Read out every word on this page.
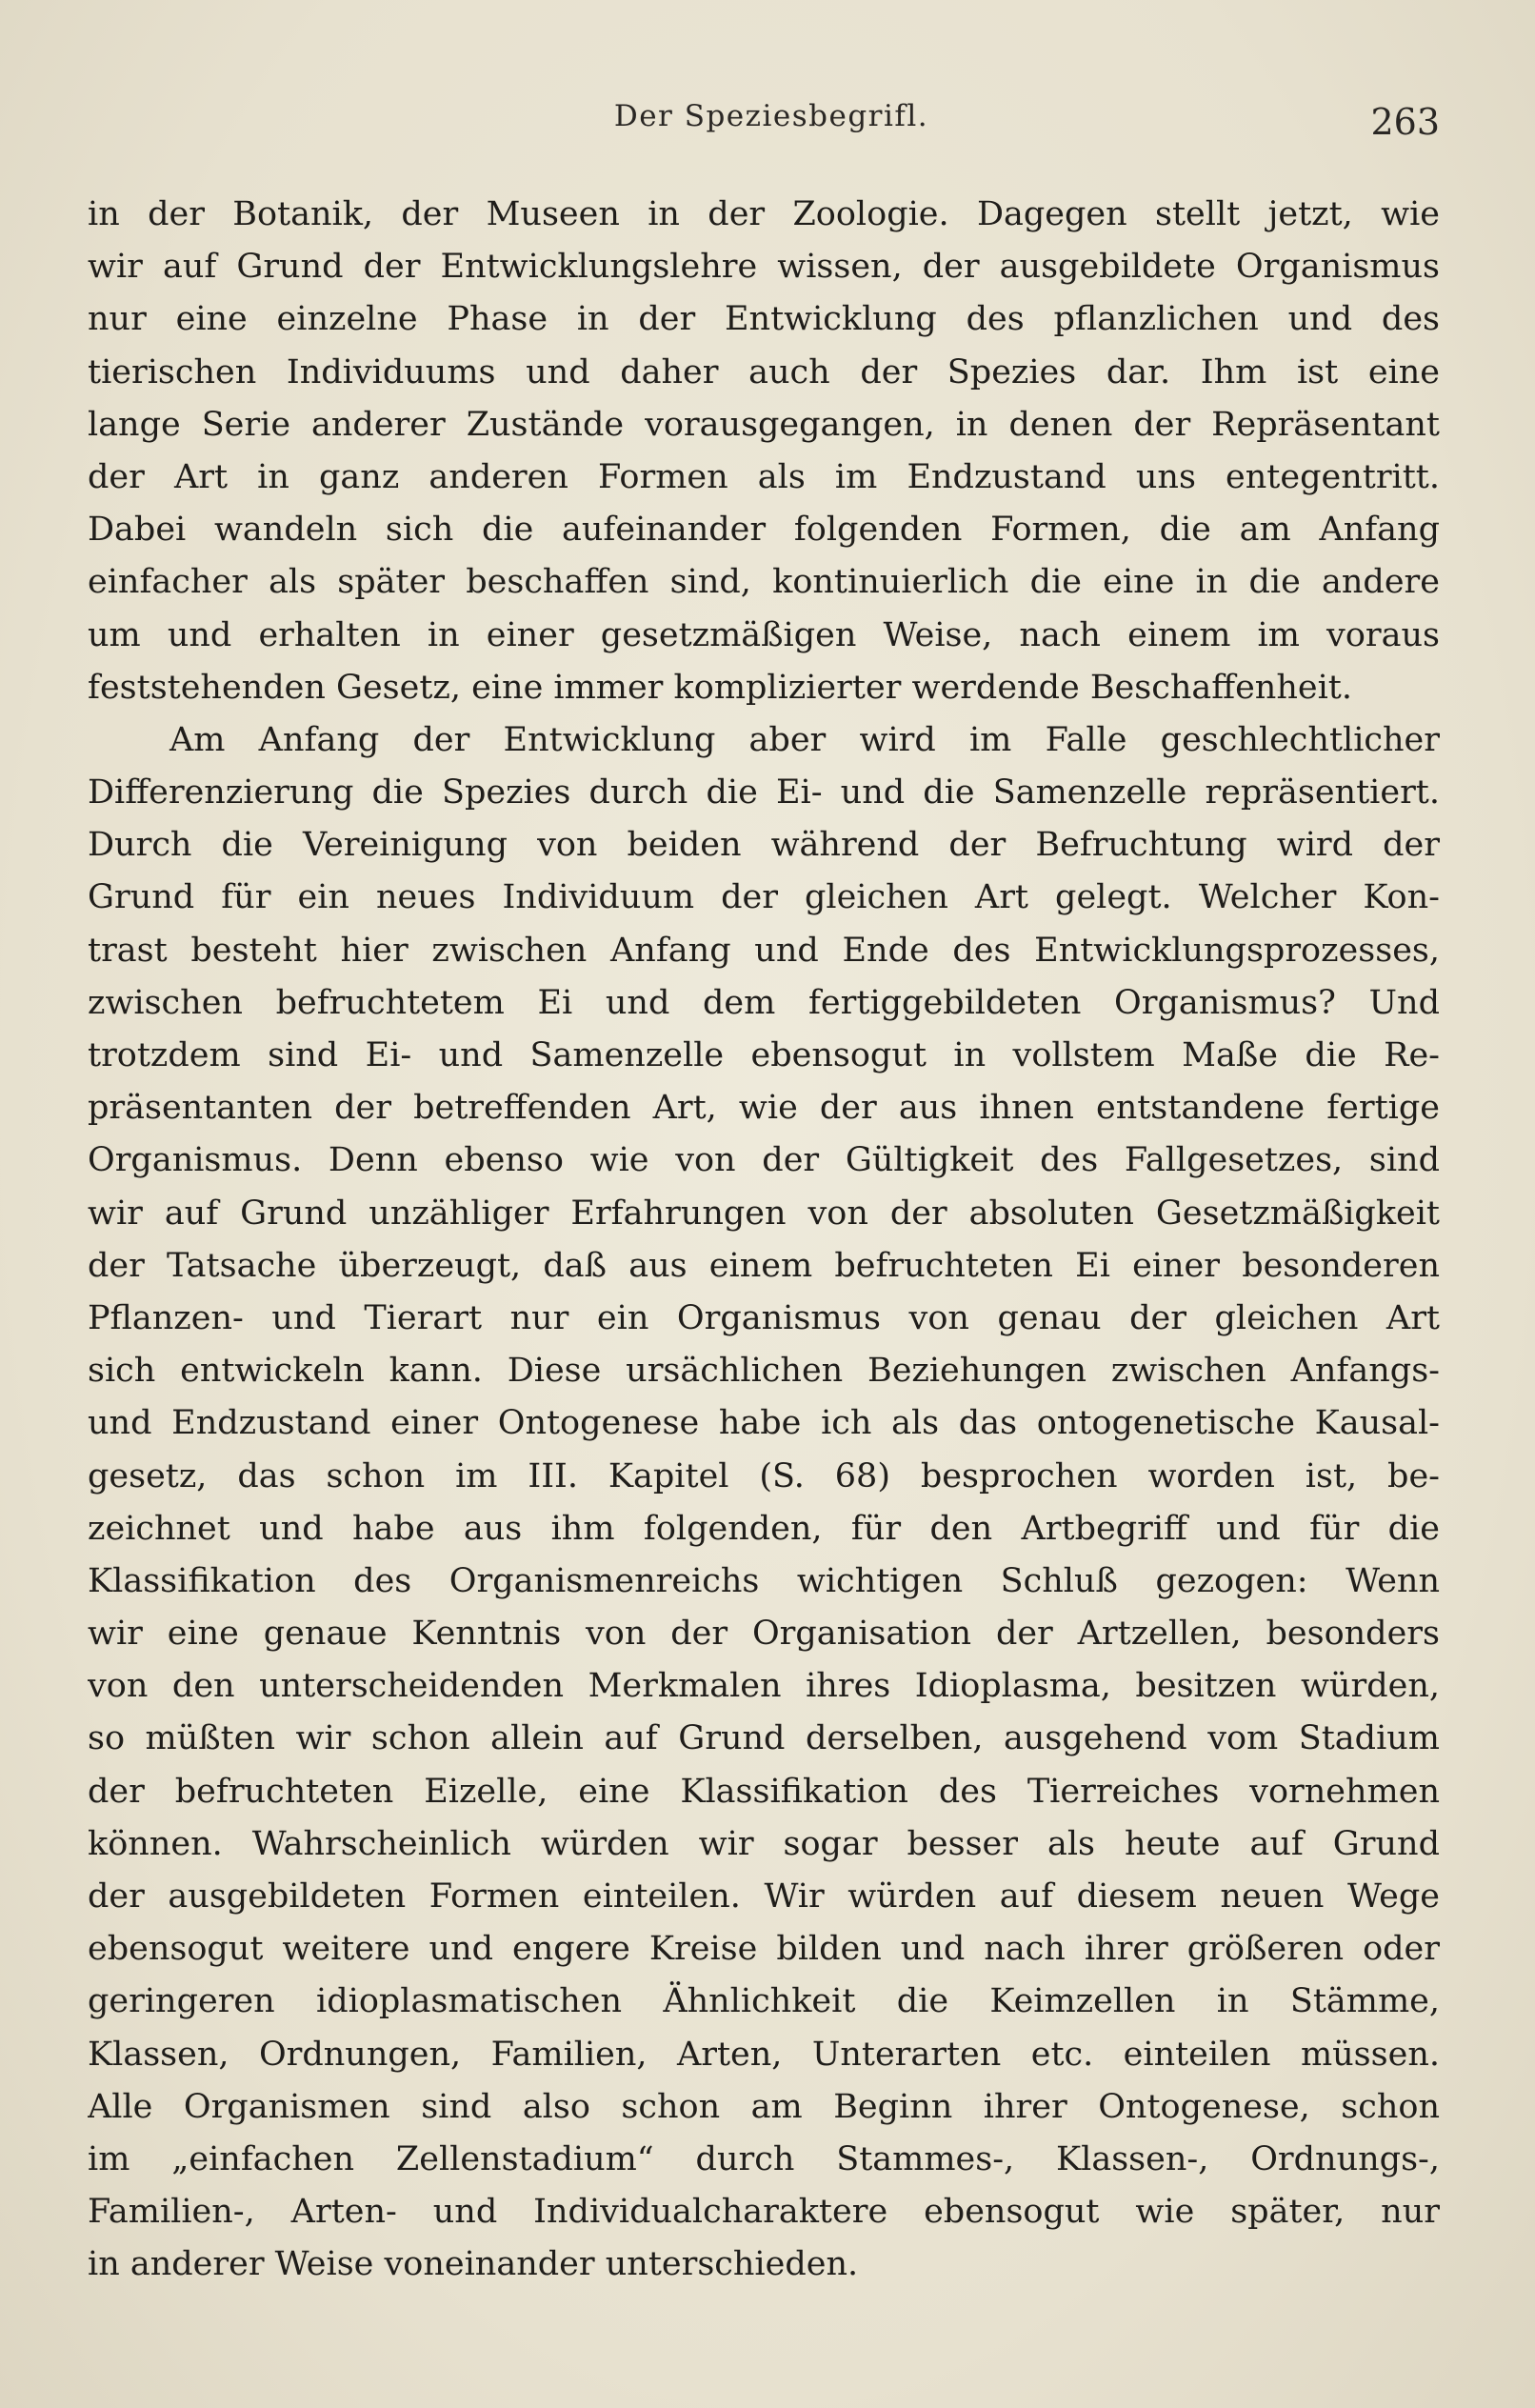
Der Speziesbegrifl.	263

in der Botanik, der Museen in der Zoologie. Dagegen stellt jetzt, wie
wir auf Grund der Entwicklungslehre wissen, der ausgebildete Organismus
nur eine einzelne Phase in der Entwicklung des pflanzlichen und des
tierischen Individuums und daher auch der Spezies dar. Ihm ist eine
lange Serie anderer Zustände vorausgegangen, in denen der Repräsentant
der Art in ganz anderen Formen als im Endzustand uns entegentritt.
Dabei wandeln sich die aufeinander folgenden Formen, die am Anfang
einfacher als später beschaffen sind, kontinuierlich die eine in die andere
um und erhalten in einer gesetzmäßigen Weise, nach einem im voraus
feststehenden Gesetz, eine immer komplizierter werdende Beschaffenheit.

Am Anfang der Entwicklung aber wird im Falle geschlechtlicher
Differenzierung die Spezies durch die Ei- und die Samenzelle repräsentiert.
Durch die Vereinigung von beiden während der Befruchtung wird der
Grund für ein neues Individuum der gleichen Art gelegt. Welcher Kon-
trast besteht hier zwischen Anfang und Ende des Entwicklungsprozesses,
zwischen befruchtetem Ei und dem fertiggebildeten Organismus? Und
trotzdem sind Ei- und Samenzelle ebensogut in vollstem Maße die Re-
präsentanten der betreffenden Art, wie der aus ihnen entstandene fertige
Organismus. Denn ebenso wie von der Gültigkeit des Fallgesetzes, sind
wir auf Grund unzähliger Erfahrungen von der absoluten Gesetzmäßigkeit
der Tatsache überzeugt, daß aus einem befruchteten Ei einer besonderen
Pflanzen- und Tierart nur ein Organismus von genau der gleichen Art
sich entwickeln kann. Diese ursächlichen Beziehungen zwischen Anfangs-
und Endzustand einer Ontogenese habe ich als das ontogenetische Kausal-
gesetz, das schon im III. Kapitel (S. 68) besprochen worden ist, be-
zeichnet und habe aus ihm folgenden, für den Artbegriff und für die
Klassifikation des Organismenreichs wichtigen Schluß gezogen: Wenn
wir eine genaue Kenntnis von der Organisation der Artzellen, besonders
von den unterscheidenden Merkmalen ihres Idioplasma, besitzen würden,
so müßten wir schon allein auf Grund derselben, ausgehend vom Stadium
der befruchteten Eizelle, eine Klassifikation des Tierreiches vornehmen
können. Wahrscheinlich würden wir sogar besser als heute auf Grund
der ausgebildeten Formen einteilen. Wir würden auf diesem neuen Wege
ebensogut weitere und engere Kreise bilden und nach ihrer größeren oder
geringeren idioplasmatischen Ähnlichkeit die Keimzellen in Stämme,
Klassen, Ordnungen, Familien, Arten, Unterarten etc. einteilen müssen.
Alle Organismen sind also schon am Beginn ihrer Ontogenese, schon
im „einfachen Zellenstadium“ durch Stammes-, Klassen-, Ordnungs-,
Familien-, Arten- und Individualcharaktere ebensogut wie später, nur
in anderer Weise voneinander unterschieden.
